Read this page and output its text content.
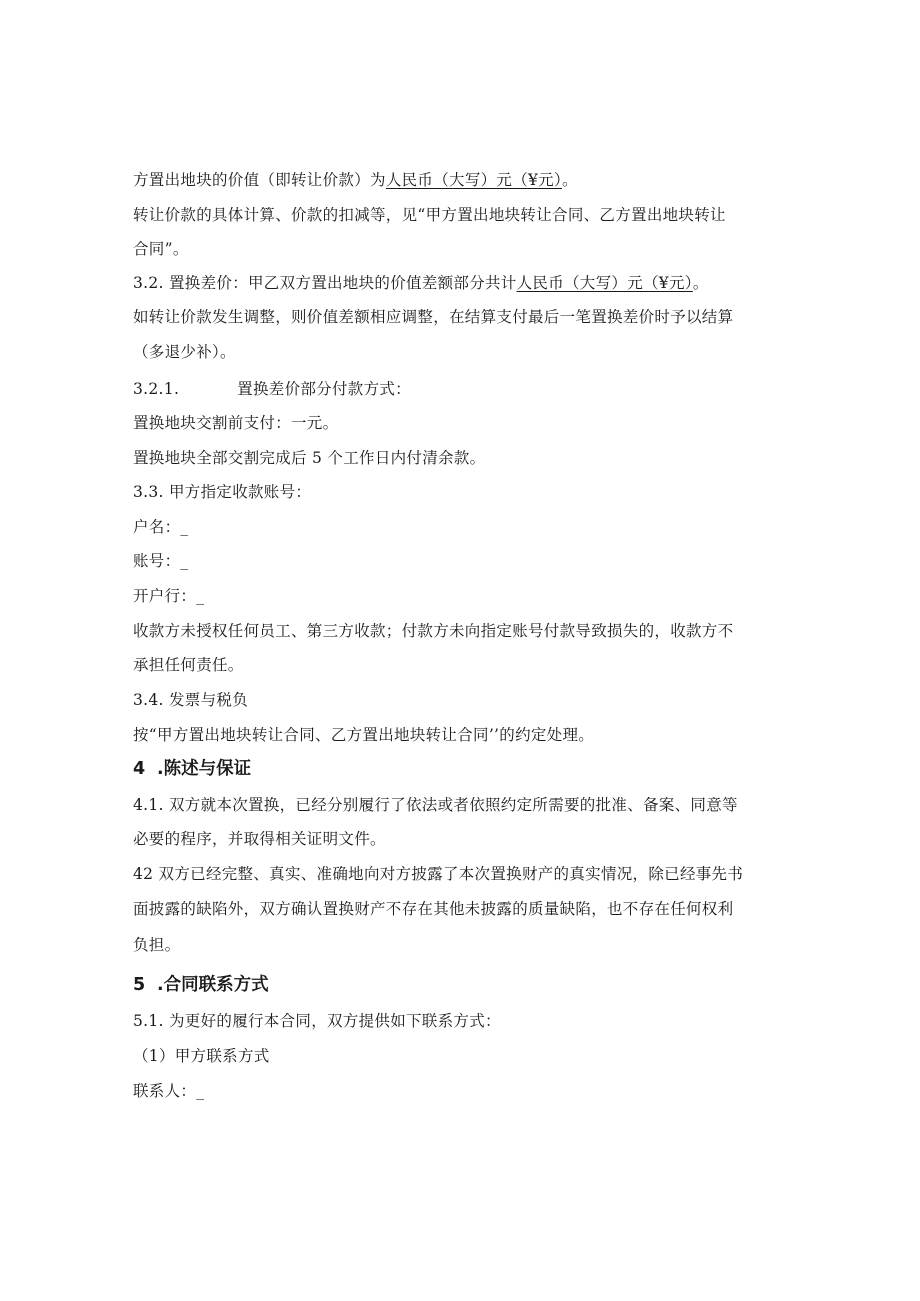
方置出地块的价值（即转让价款）为人民币（大写）元（¥元）。
转让价款的具体计算、价款的扣减等，见“甲方置出地块转让合同、乙方置出地块转让
合同”。
3.2. 置换差价：甲乙双方置出地块的价值差额部分共计人民币（大写）元（¥元）。
如转让价款发生调整，则价值差额相应调整，在结算支付最后一笔置换差价时予以结算
（多退少补）。
3.2.1.	置换差价部分付款方式：
置换地块交割前支付：一元。
置换地块全部交割完成后 5 个工作日内付清余款。
3.3. 甲方指定收款账号：
户名：_
账号：_
开户行：_
收款方未授权任何员工、第三方收款；付款方未向指定账号付款导致损失的，收款方不
承担任何责任。
3.4. 发票与税负
按“甲方置出地块转让合同、乙方置出地块转让合同’’的约定处理。
4 .陈述与保证
4.1. 双方就本次置换，已经分别履行了依法或者依照约定所需要的批准、备案、同意等
必要的程序，并取得相关证明文件。
42 双方已经完整、真实、准确地向对方披露了本次置换财产的真实情况，除已经事先书
面披露的缺陷外，双方确认置换财产不存在其他未披露的质量缺陷，也不存在任何权利
负担。
5 .合同联系方式
5.1. 为更好的履行本合同，双方提供如下联系方式：
（1）甲方联系方式
联系人：_
